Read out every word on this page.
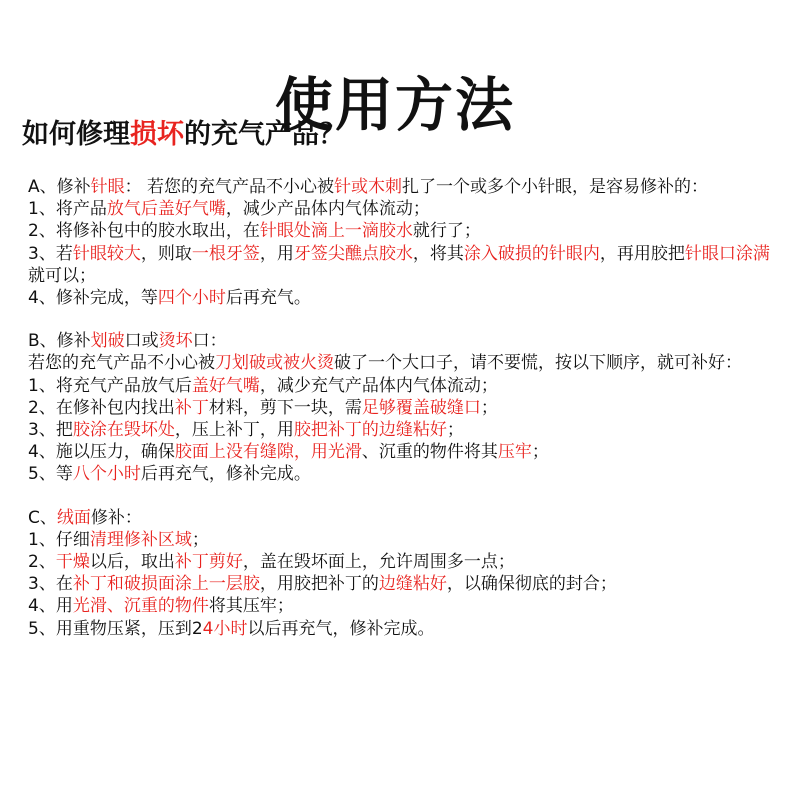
使用方法
如何修理损坏的充气产品？

A、修补针眼： 若您的充气产品不小心被针或木刺扎了一个或多个小针眼，是容易修补的：

1、将产品放气后盖好气嘴，减少产品体内气体流动；

2、将修补包中的胶水取出，在针眼处滴上一滴胶水就行了；

3、若针眼较大，则取一根牙签，用牙签尖醮点胶水，将其涂入破损的针眼内，再用胶把针眼口涂满就可以；

4、修补完成，等四个小时后再充气。

B、修补划破口或烫坏口：

若您的充气产品不小心被刀划破或被火烫破了一个大口子，请不要慌，按以下顺序，就可补好：

1、将充气产品放气后盖好气嘴，减少充气产品体内气体流动；

2、在修补包内找出补丁材料，剪下一块，需足够覆盖破缝口；

3、把胶涂在毁坏处，压上补丁，用胶把补丁的边缝粘好；

4、施以压力，确保胶面上没有缝隙，用光滑、沉重的物件将其压牢；

5、等八个小时后再充气，修补完成。

C、绒面修补：

1、仔细清理修补区域；

2、干燥以后，取出补丁剪好，盖在毁坏面上，允许周围多一点；

3、在补丁和破损面涂上一层胶，用胶把补丁的边缝粘好，以确保彻底的封合；

4、用光滑、沉重的物件将其压牢；

5、用重物压紧，压到24小时以后再充气，修补完成。
